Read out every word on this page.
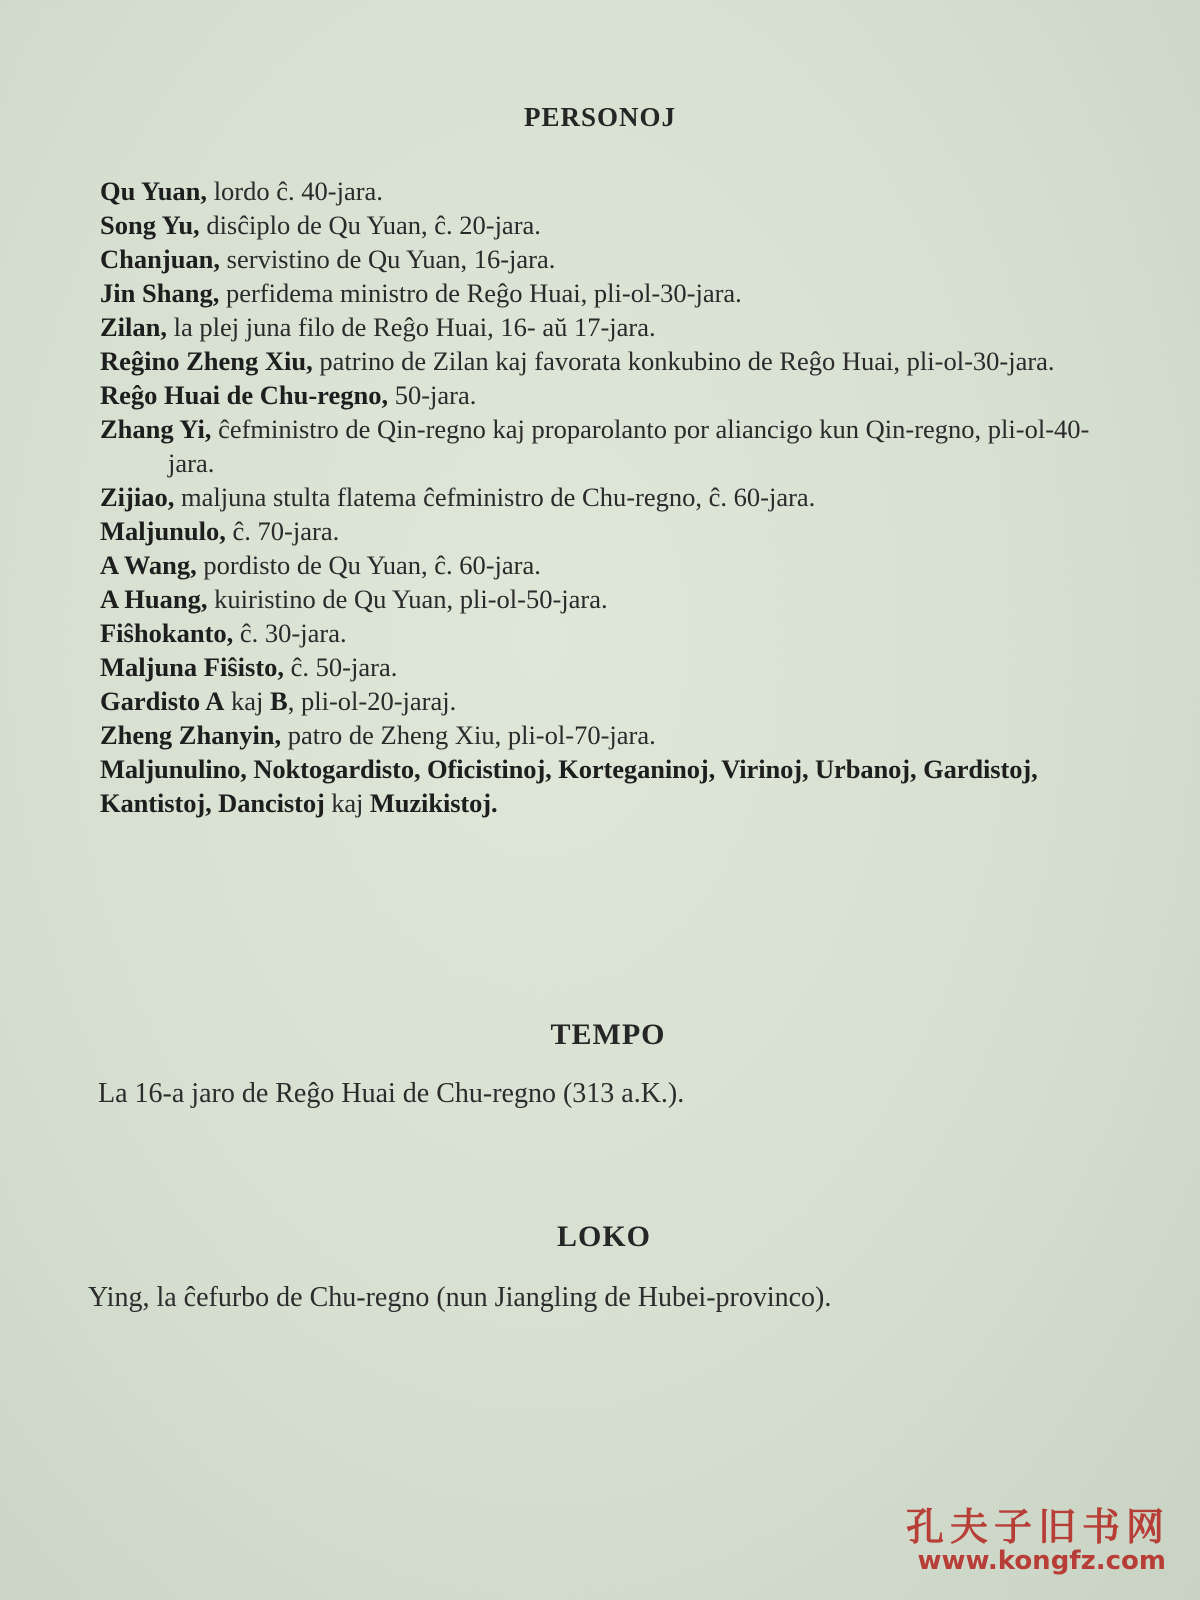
PERSONOJ
Qu Yuan, lordo ĉ. 40-jara.
Song Yu, disĉiplo de Qu Yuan, ĉ. 20-jara.
Chanjuan, servistino de Qu Yuan, 16-jara.
Jin Shang, perfidema ministro de Reĝo Huai, pli-ol-30-jara.
Zilan, la plej juna filo de Reĝo Huai, 16- aŭ 17-jara.
Reĝino Zheng Xiu, patrino de Zilan kaj favorata konkubino de Reĝo Huai, pli-ol-30-jara.
Reĝo Huai de Chu-regno, 50-jara.
Zhang Yi, ĉefministro de Qin-regno kaj proparolanto por aliancigo kun Qin-regno, pli-ol-40-jara.
Zijiao, maljuna stulta flatema ĉefministro de Chu-regno, ĉ. 60-jara.
Maljunulo, ĉ. 70-jara.
A Wang, pordisto de Qu Yuan, ĉ. 60-jara.
A Huang, kuiristino de Qu Yuan, pli-ol-50-jara.
Fiŝhokanto, ĉ. 30-jara.
Maljuna Fiŝisto, ĉ. 50-jara.
Gardisto A kaj B, pli-ol-20-jaraj.
Zheng Zhanyin, patro de Zheng Xiu, pli-ol-70-jara.
Maljunulino, Noktogardisto, Oficistinoj, Korteganinoj, Virinoj, Urbanoj, Gardistoj, Kantistoj, Dancistoj kaj Muzikistoj.
TEMPO
La 16-a jaro de Reĝo Huai de Chu-regno (313 a.K.).
LOKO
Ying, la ĉefurbo de Chu-regno (nun Jiangling de Hubei-provinco).
孔夫子旧书网
www.kongfz.com
